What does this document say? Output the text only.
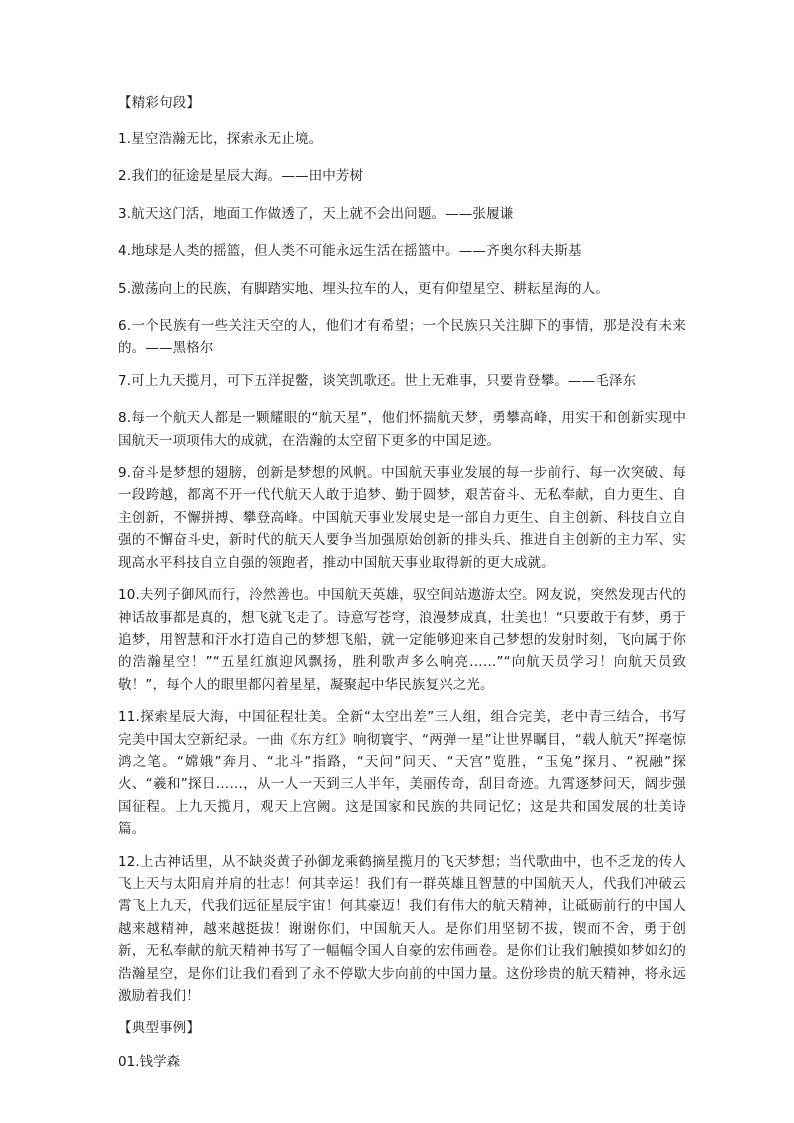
【精彩句段】

1.星空浩瀚无比，探索永无止境。

2.我们的征途是星辰大海。——田中芳树

3.航天这门活，地面工作做透了，天上就不会出问题。——张履谦

4.地球是人类的摇篮，但人类不可能永远生活在摇篮中。——齐奥尔科夫斯基

5.激荡向上的民族，有脚踏实地、埋头拉车的人，更有仰望星空、耕耘星海的人。

6.一个民族有一些关注天空的人，他们才有希望；一个民族只关注脚下的事情，那是没有未来的。——黑格尔

7.可上九天揽月，可下五洋捉鳖，谈笑凯歌还。世上无难事，只要肯登攀。——毛泽东

8.每一个航天人都是一颗耀眼的“航天星”，他们怀揣航天梦，勇攀高峰，用实干和创新实现中国航天一项项伟大的成就，在浩瀚的太空留下更多的中国足迹。

9.奋斗是梦想的翅膀，创新是梦想的风帆。中国航天事业发展的每一步前行、每一次突破、每一段跨越，都离不开一代代航天人敢于追梦、勤于圆梦，艰苦奋斗、无私奉献，自力更生、自主创新，不懈拼搏、攀登高峰。中国航天事业发展史是一部自力更生、自主创新、科技自立自强的不懈奋斗史，新时代的航天人要争当加强原始创新的排头兵、推进自主创新的主力军、实现高水平科技自立自强的领跑者，推动中国航天事业取得新的更大成就。

10.夫列子御风而行，泠然善也。中国航天英雄，驭空间站遨游太空。网友说，突然发现古代的神话故事都是真的，想飞就飞走了。诗意写苍穹，浪漫梦成真，壮美也！“只要敢于有梦，勇于追梦，用智慧和汗水打造自己的梦想飞船，就一定能够迎来自己梦想的发射时刻，飞向属于你的浩瀚星空！”“五星红旗迎风飘扬，胜利歌声多么响亮……”“向航天员学习！向航天员致敬！”，每个人的眼里都闪着星星，凝聚起中华民族复兴之光。

11.探索星辰大海，中国征程壮美。全新“太空出差”三人组，组合完美，老中青三结合，书写完美中国太空新纪录。一曲《东方红》响彻寰宇、“两弹一星”让世界瞩目，“载人航天”挥毫惊鸿之笔。“嫦娥”奔月、“北斗”指路，“天问”问天、“天宫”览胜，“玉兔”探月、“祝融”探火、“羲和”探日……，从一人一天到三人半年，美丽传奇，刮目奇迹。九霄逐梦问天，阔步强国征程。上九天揽月，观天上宫阙。这是国家和民族的共同记忆；这是共和国发展的壮美诗篇。

12.上古神话里，从不缺炎黄子孙御龙乘鹤摘星揽月的飞天梦想；当代歌曲中，也不乏龙的传人飞上天与太阳肩并肩的壮志！何其幸运！我们有一群英雄且智慧的中国航天人，代我们冲破云霄飞上九天，代我们远征星辰宇宙！何其豪迈！我们有伟大的航天精神，让砥砺前行的中国人越来越精神，越来越挺拔！谢谢你们，中国航天人。是你们用坚韧不拔，锲而不舍，勇于创新，无私奉献的航天精神书写了一幅幅令国人自豪的宏伟画卷。是你们让我们触摸如梦如幻的浩瀚星空，是你们让我们看到了永不停歇大步向前的中国力量。这份珍贵的航天精神，将永远激励着我们！

【典型事例】

01.钱学森
